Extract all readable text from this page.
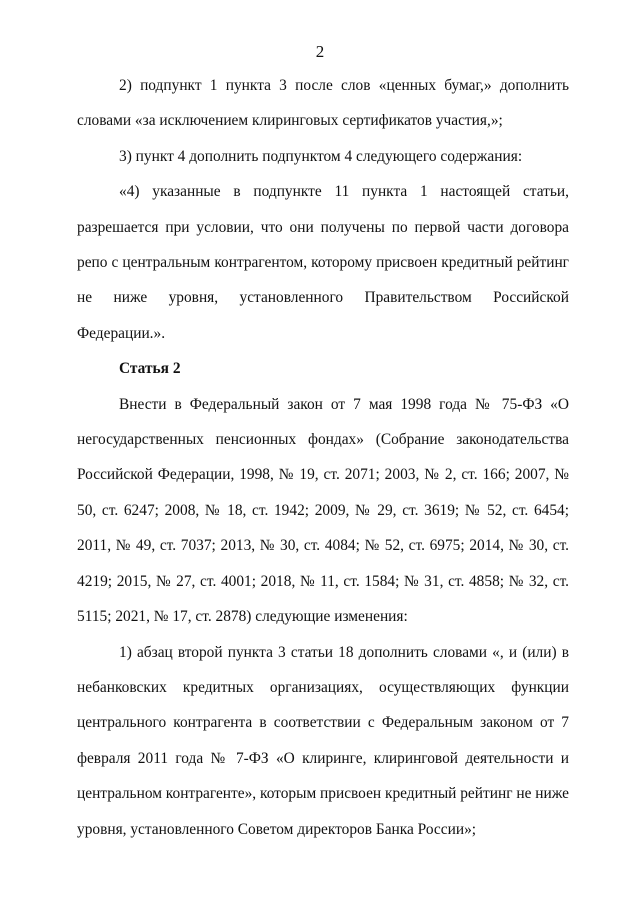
2

2) подпункт 1 пункта 3 после слов «ценных бумаг,» дополнить словами «за исключением клиринговых сертификатов участия,»;

3) пункт 4 дополнить подпунктом 4 следующего содержания:

«4) указанные в подпункте 11 пункта 1 настоящей статьи, разрешается при условии, что они получены по первой части договора репо с центральным контрагентом, которому присвоен кредитный рейтинг не ниже уровня, установленного Правительством Российской Федерации.».

Статья 2

Внести в Федеральный закон от 7 мая 1998 года № 75-ФЗ «О негосударственных пенсионных фондах» (Собрание законодательства Российской Федерации, 1998, № 19, ст. 2071; 2003, № 2, ст. 166; 2007, № 50, ст. 6247; 2008, № 18, ст. 1942; 2009, № 29, ст. 3619; № 52, ст. 6454; 2011, № 49, ст. 7037; 2013, № 30, ст. 4084; № 52, ст. 6975; 2014, № 30, ст. 4219; 2015, № 27, ст. 4001; 2018, № 11, ст. 1584; № 31, ст. 4858; № 32, ст. 5115; 2021, № 17, ст. 2878) следующие изменения:

1) абзац второй пункта 3 статьи 18 дополнить словами «, и (или) в небанковских кредитных организациях, осуществляющих функции центрального контрагента в соответствии с Федеральным законом от 7 февраля 2011 года № 7-ФЗ «О клиринге, клиринговой деятельности и центральном контрагенте», которым присвоен кредитный рейтинг не ниже уровня, установленного Советом директоров Банка России»;
